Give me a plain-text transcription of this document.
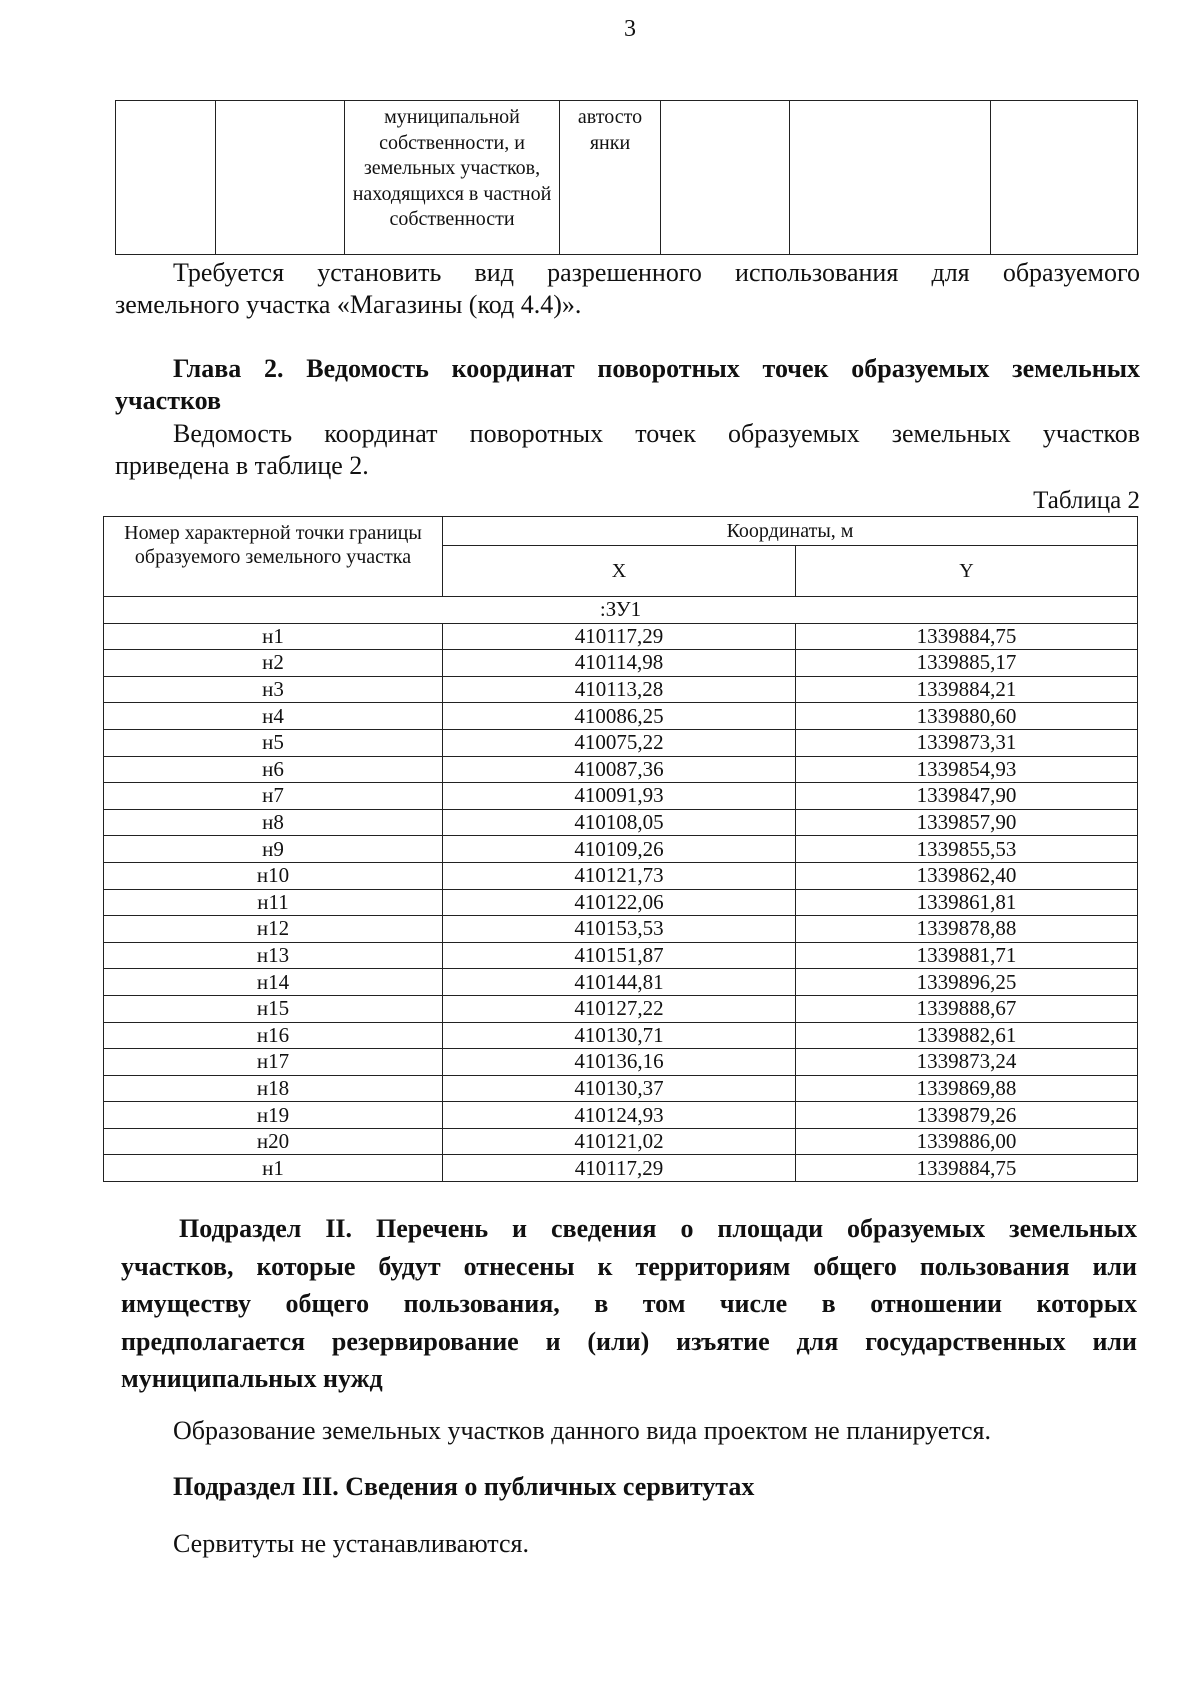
3
		муниципальной собственности, и земельных участков, находящихся в частной собственности	автосто янки			
Требуется установить вид разрешенного использования для образуемого
земельного участка «Магазины (код 4.4)».
Глава 2. Ведомость координат поворотных точек образуемых земельных
участков
Ведомость координат поворотных точек образуемых земельных участков
приведена в таблице 2.
Таблица 2
Номер характерной точки границы образуемого земельного участка	Координаты, м	
	X	Y
:ЗУ1		
н1	410117,29	1339884,75
н2	410114,98	1339885,17
н3	410113,28	1339884,21
н4	410086,25	1339880,60
н5	410075,22	1339873,31
н6	410087,36	1339854,93
н7	410091,93	1339847,90
н8	410108,05	1339857,90
н9	410109,26	1339855,53
н10	410121,73	1339862,40
н11	410122,06	1339861,81
н12	410153,53	1339878,88
н13	410151,87	1339881,71
н14	410144,81	1339896,25
н15	410127,22	1339888,67
н16	410130,71	1339882,61
н17	410136,16	1339873,24
н18	410130,37	1339869,88
н19	410124,93	1339879,26
н20	410121,02	1339886,00
н1	410117,29	1339884,75
Подраздел II. Перечень и сведения о площади образуемых земельных
участков, которые будут отнесены к территориям общего пользования или
имуществу общего пользования, в том числе в отношении которых
предполагается резервирование и (или) изъятие для государственных или
муниципальных нужд
Образование земельных участков данного вида проектом не планируется.
Подраздел III. Сведения о публичных сервитутах
Сервитуты не устанавливаются.
